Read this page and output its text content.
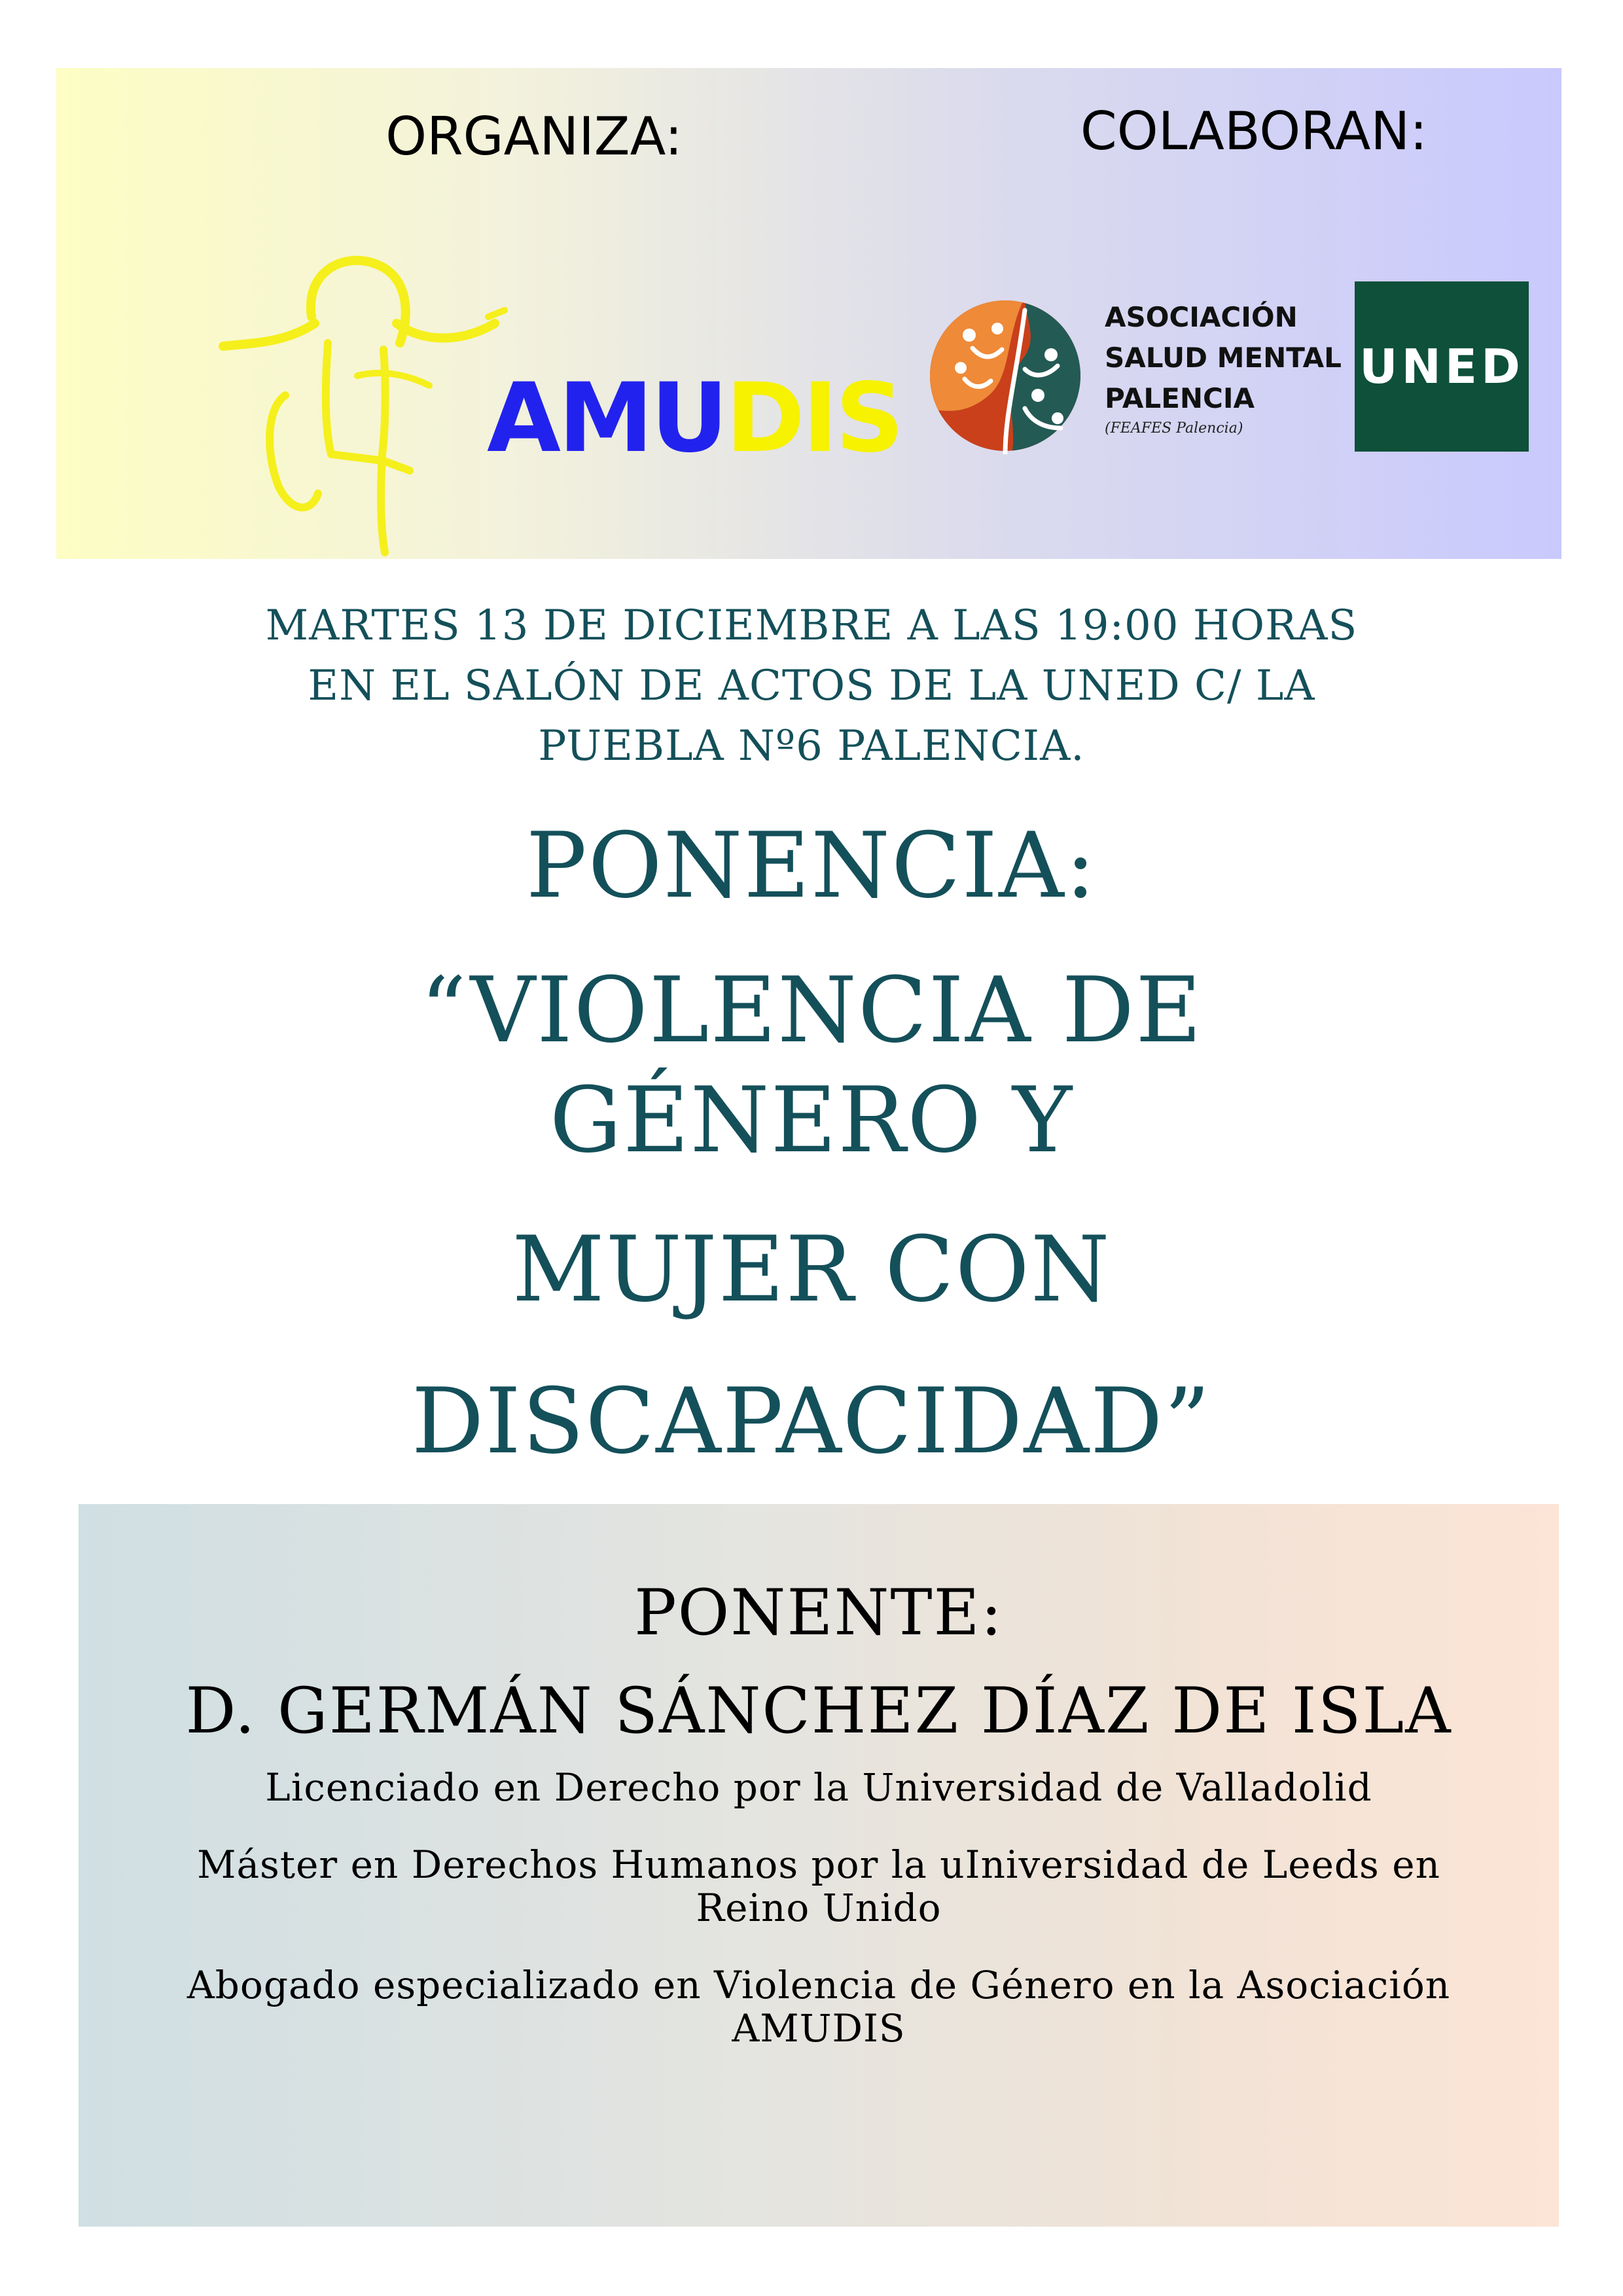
ORGANIZA:	COLABORAN:
AMUDIS
ASOCIACIÓN
SALUD MENTAL
PALENCIA
(FEAFES Palencia)
UNED
MARTES 13 DE DICIEMBRE A LAS 19:00 HORAS
EN EL SALÓN DE ACTOS DE LA UNED C/ LA
PUEBLA Nº6 PALENCIA.
PONENCIA:
“VIOLENCIA DE
GÉNERO Y
MUJER CON
DISCAPACIDAD”
PONENTE:
D. GERMÁN SÁNCHEZ DÍAZ DE ISLA
Licenciado en Derecho por la Universidad de Valladolid
Máster en Derechos Humanos por la uIniversidad de Leeds en
Reino Unido
Abogado especializado en Violencia de Género en la Asociación
AMUDIS
